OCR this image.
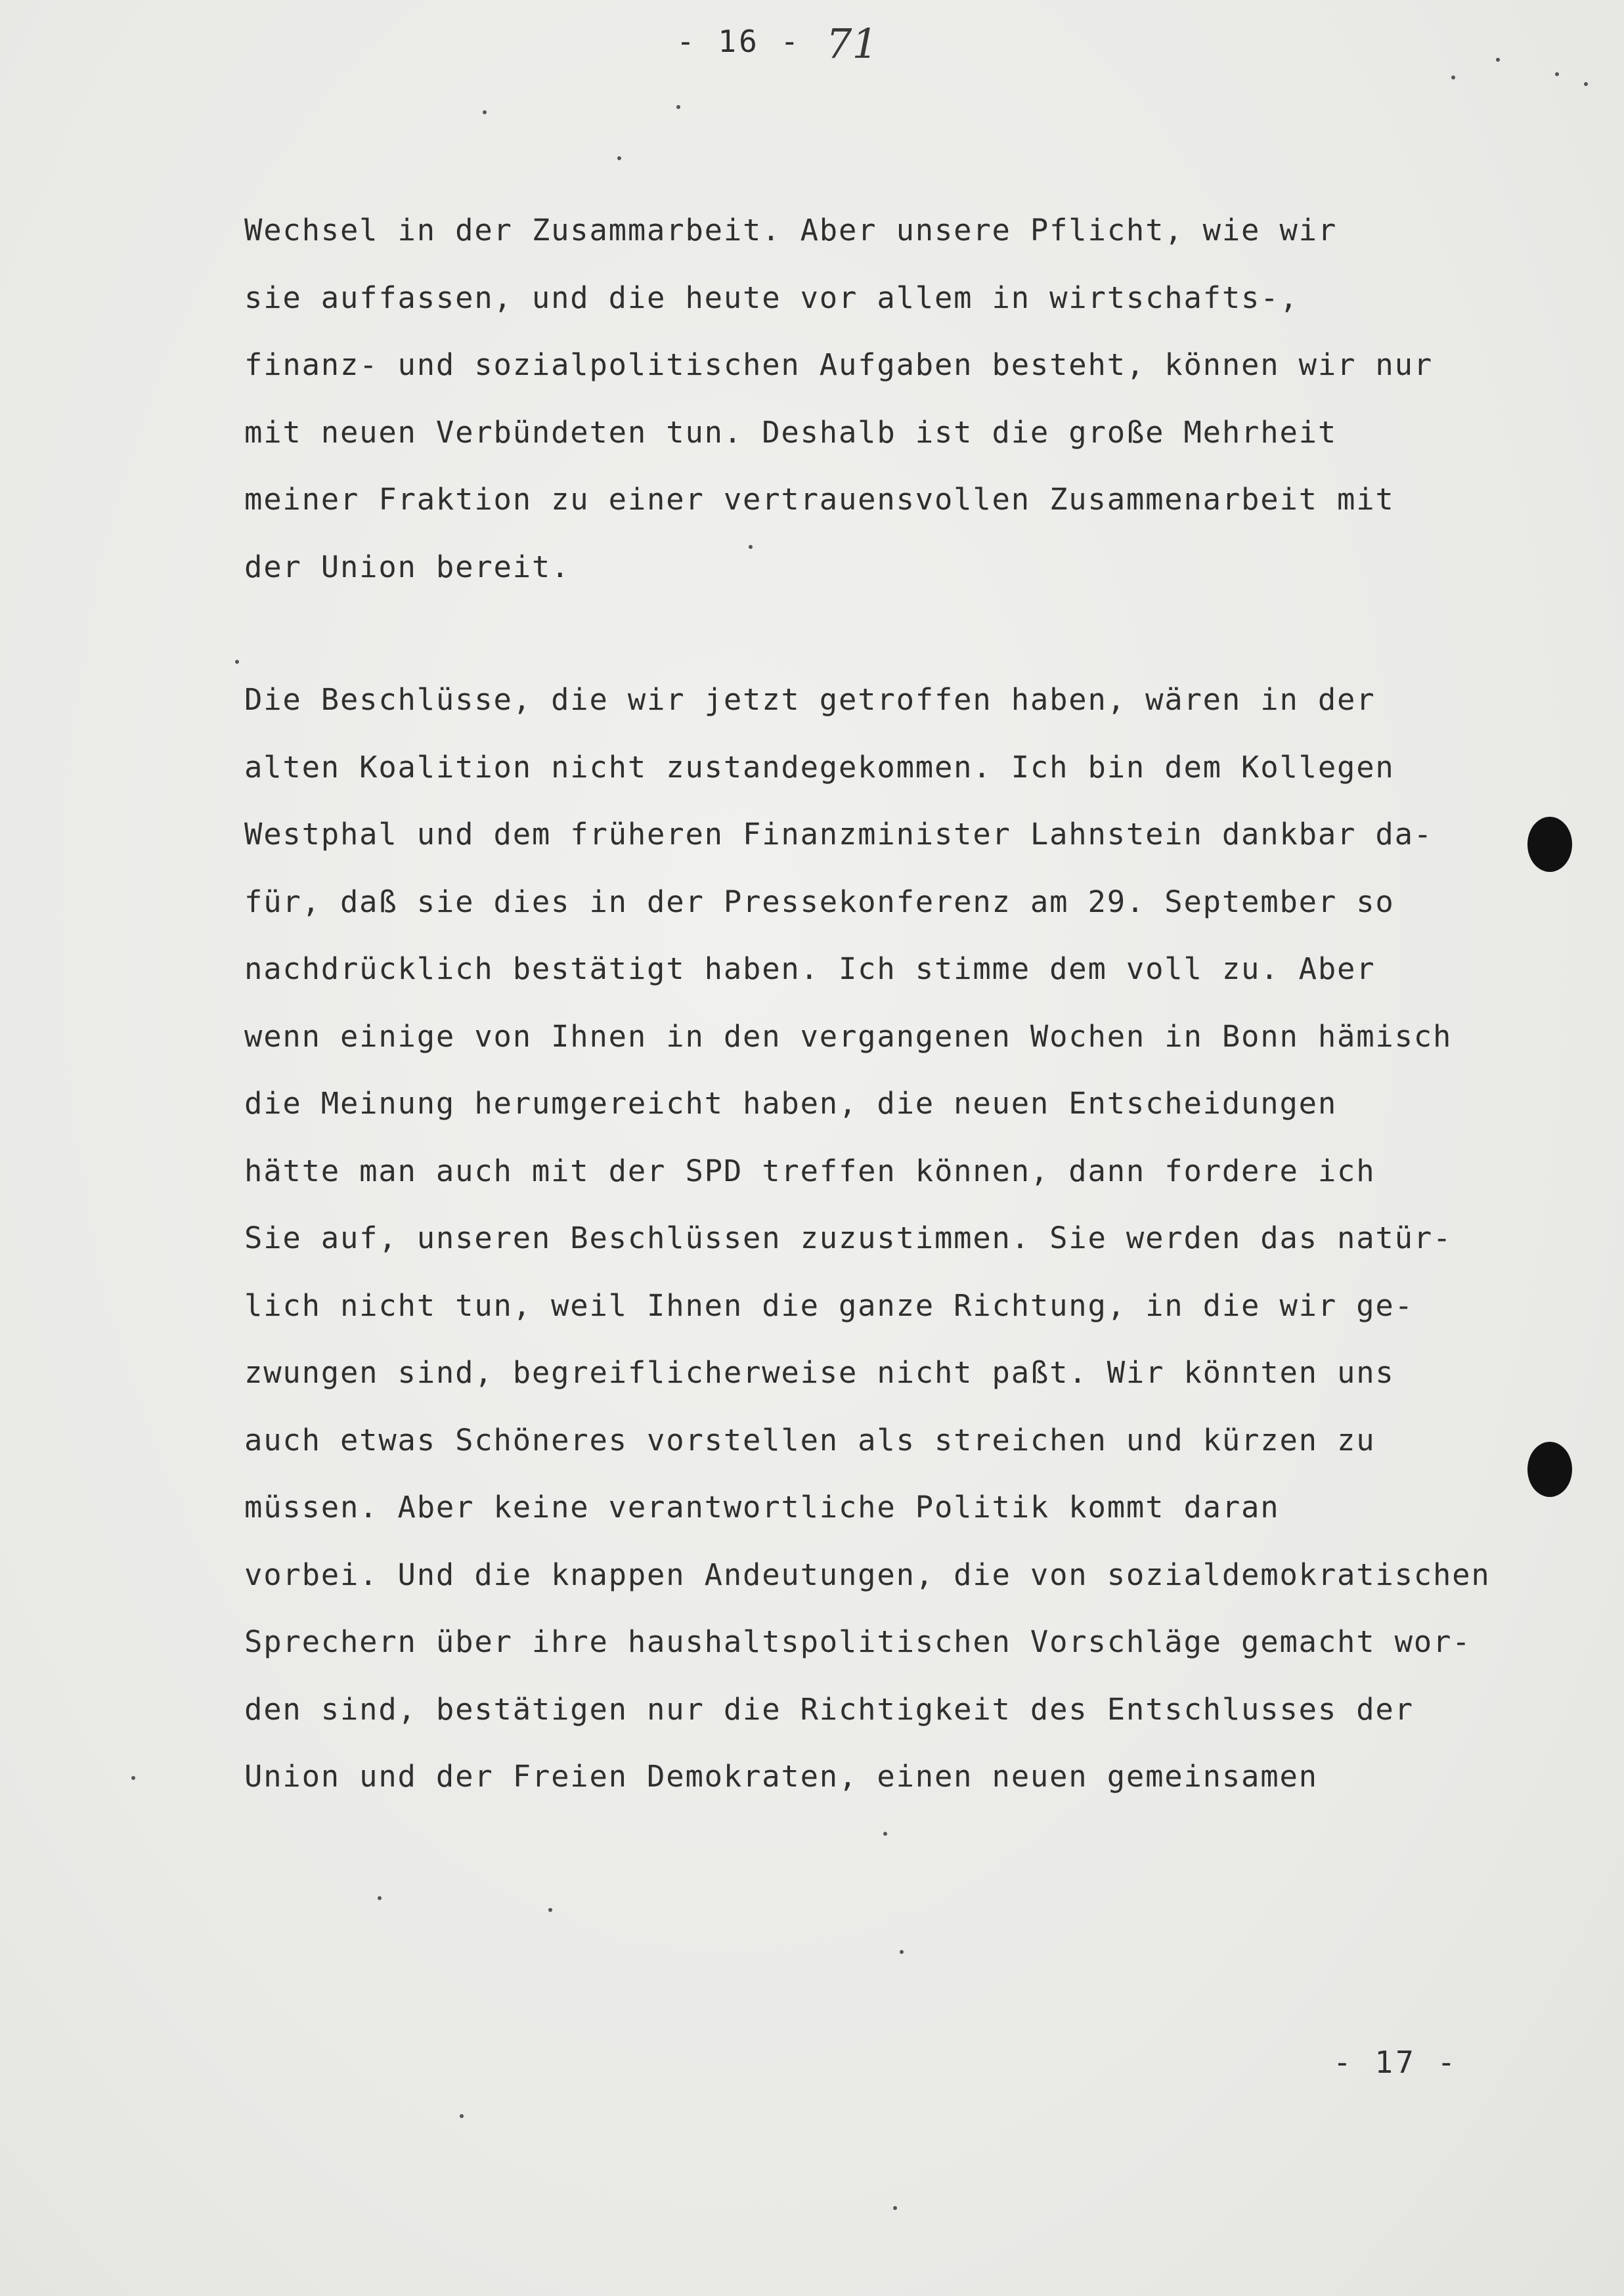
- 16 - 71
Wechsel in der Zusammarbeit. Aber unsere Pflicht, wie wir
sie auffassen, und die heute vor allem in wirtschafts-,
finanz- und sozialpolitischen Aufgaben besteht, können wir nur
mit neuen Verbündeten tun. Deshalb ist die große Mehrheit
meiner Fraktion zu einer vertrauensvollen Zusammenarbeit mit
der Union bereit.
Die Beschlüsse, die wir jetzt getroffen haben, wären in der
alten Koalition nicht zustandegekommen. Ich bin dem Kollegen
Westphal und dem früheren Finanzminister Lahnstein dankbar da-
für, daß sie dies in der Pressekonferenz am 29. September so
nachdrücklich bestätigt haben. Ich stimme dem voll zu. Aber
wenn einige von Ihnen in den vergangenen Wochen in Bonn hämisch
die Meinung herumgereicht haben, die neuen Entscheidungen
hätte man auch mit der SPD treffen können, dann fordere ich
Sie auf, unseren Beschlüssen zuzustimmen. Sie werden das natür-
lich nicht tun, weil Ihnen die ganze Richtung, in die wir ge-
zwungen sind, begreiflicherweise nicht paßt. Wir könnten uns
auch etwas Schöneres vorstellen als streichen und kürzen zu
müssen. Aber keine verantwortliche Politik kommt daran
vorbei. Und die knappen Andeutungen, die von sozialdemokratischen
Sprechern über ihre haushaltspolitischen Vorschläge gemacht wor-
den sind, bestätigen nur die Richtigkeit des Entschlusses der
Union und der Freien Demokraten, einen neuen gemeinsamen
- 17 -
